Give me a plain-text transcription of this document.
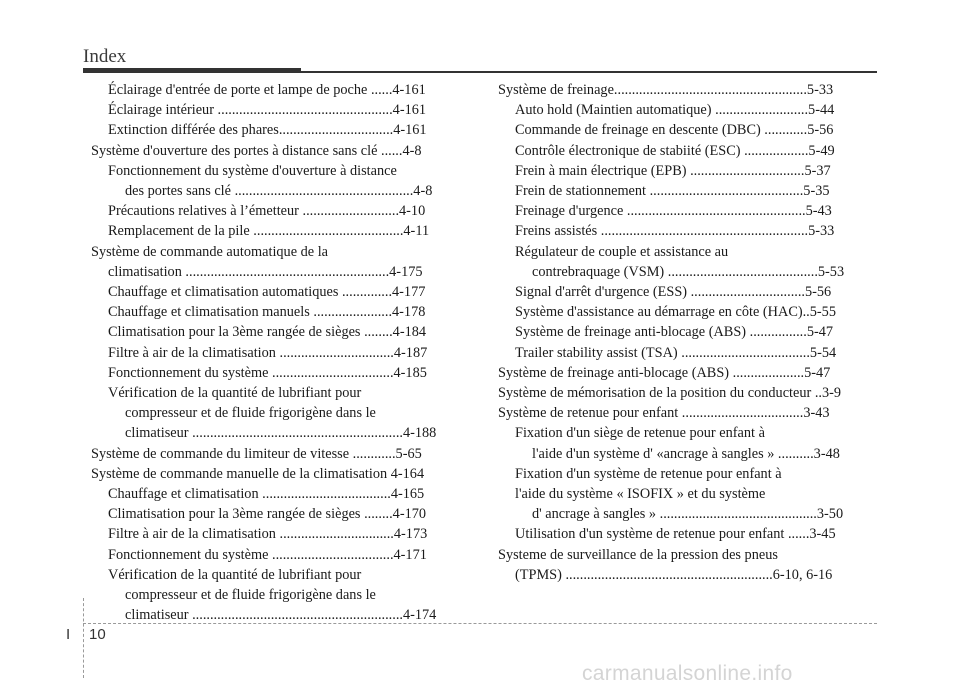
Index
Éclairage d'entrée de porte et lampe de poche ......4-161
Éclairage intérieur .................................................4-161
Extinction différée des phares................................4-161
Système d'ouverture des portes à distance sans clé ......4-8
Fonctionnement du système d'ouverture à distance
des portes sans clé ..................................................4-8
Précautions relatives à l’émetteur ...........................4-10
Remplacement de la pile ..........................................4-11
Système de commande automatique de la
climatisation .........................................................4-175
Chauffage et climatisation automatiques ..............4-177
Chauffage et climatisation manuels ......................4-178
Climatisation pour la 3ème rangée de sièges ........4-184
Filtre à air de la climatisation ................................4-187
Fonctionnement du système ..................................4-185
Vérification de la quantité de lubrifiant pour
compresseur et de fluide frigorigène dans le
climatiseur ...........................................................4-188
Système de commande du limiteur de vitesse ............5-65
Système de commande manuelle de la climatisation 4-164
Chauffage et climatisation ....................................4-165
Climatisation pour la 3ème rangée de sièges ........4-170
Filtre à air de la climatisation ................................4-173
Fonctionnement du système ..................................4-171
Vérification de la quantité de lubrifiant pour
compresseur et de fluide frigorigène dans le
climatiseur ...........................................................4-174
Système de freinage......................................................5-33
Auto hold (Maintien automatique) ..........................5-44
Commande de freinage en descente (DBC) ............5-56
Contrôle électronique de stabiité (ESC) ..................5-49
Frein à main électrique (EPB) ................................5-37
Frein de stationnement ...........................................5-35
Freinage d'urgence ..................................................5-43
Freins assistés ..........................................................5-33
Régulateur de couple et assistance au
contrebraquage (VSM) ..........................................5-53
Signal d'arrêt d'urgence (ESS) ................................5-56
Système d'assistance au démarrage en côte (HAC)..5-55
Système de freinage anti-blocage (ABS) ................5-47
Trailer stability assist (TSA) ....................................5-54
Système de freinage anti-blocage (ABS) ....................5-47
Système de mémorisation de la position du conducteur ..3-9
Système de retenue pour enfant ..................................3-43
Fixation d'un siège de retenue pour enfant à
l'aide d'un système d' «ancrage à sangles » ..........3-48
Fixation d'un système de retenue pour enfant à
l'aide du système « ISOFIX » et du système
d' ancrage à sangles » ............................................3-50
Utilisation d'un système de retenue pour enfant ......3-45
Systeme de surveillance de la pression des pneus
(TPMS) ..........................................................6-10, 6-16
I 10
carmanualsonline.info
